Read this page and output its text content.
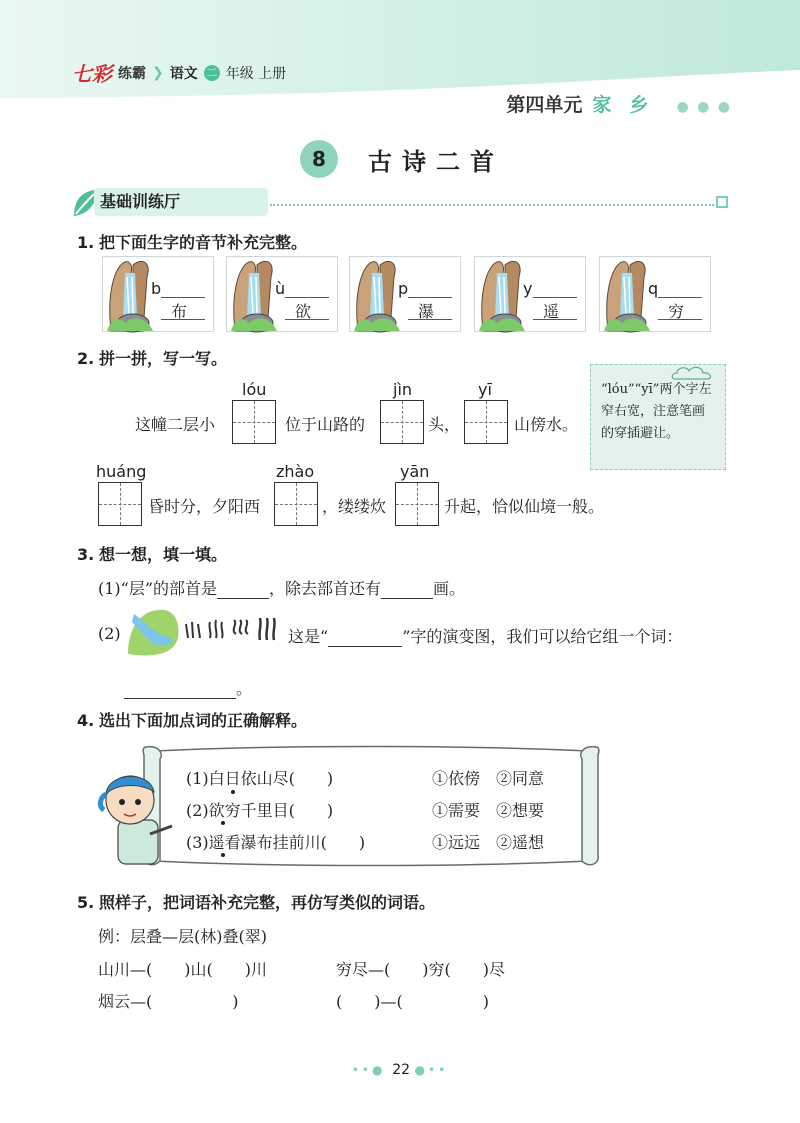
七彩 练霸 ❯ 语文 二 年级 上册
第四单元 家乡 ● ● ●
8	古诗二首
基础训练厅
1. 把下面生字的音节补充完整。
b
布
ù
欲
p
瀑
y
遥
q
穷
2. 拼一拼，写一写。
这幢二层小
lóu
位于山路的
jìn
头，
yī
山傍水。
huáng
昏时分，夕阳西
zhào
，缕缕炊
yān
升起，恰似仙境一般。
“lóu”“yī”两个字左窄右宽，注意笔画的穿插避让。
3. 想一想，填一填。
(1)“层”的部首是	，除去部首还有	画。
(2)	这是“	”字的演变图，我们可以给它组一个词：
。
4. 选出下面加点词的正确解释。
(1)白日依山尽(　　)	①依傍　②同意
(2)欲穷千里目(　　)	①需要　②想要
(3)遥看瀑布挂前川(　　)	①远远　②遥想
5. 照样子，把词语补充完整，再仿写类似的词语。
例：层叠—层(林)叠(翠)
山川—(　　)山(　　)川	穷尽—(　　)穷(　　)尽
烟云—(　　　　　)	(　　)—(　　　　　)
••● 22 ●••
